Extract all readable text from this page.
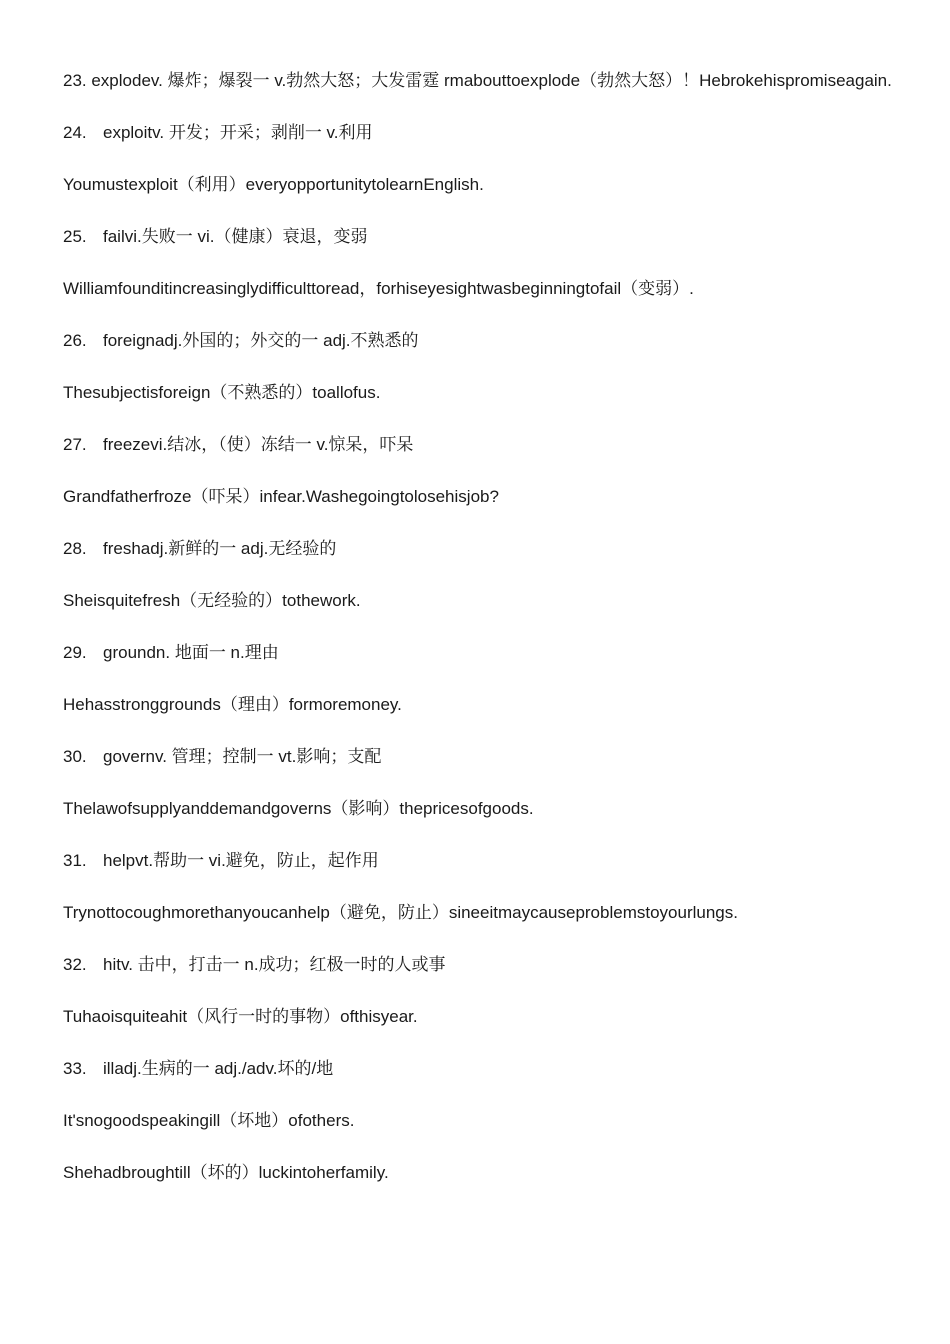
23. explodev. 爆炸；爆裂一 v.勃然大怒；大发雷霆 rmabouttoexplode（勃然大怒）！Hebrokehispromiseagain.

24. exploitv. 开发；开采；剥削一 v.利用

Youmustexploit（利用）everyopportunitytolearnEnglish.

25. failvi.失败一 vi.（健康）衰退，变弱

Williamfounditincreasinglydifficulttoread，forhiseyesightwasbeginningtofail（变弱）.

26. foreignadj.外国的；外交的一 adj.不熟悉的

Thesubjectisforeign（不熟悉的）toallofus.

27. freezevi.结冰，（使）冻结一 v.惊呆，吓呆

Grandfatherfroze（吓呆）infear.Washegoingtolosehisjob?

28. freshadj.新鲜的一 adj.无经验的

Sheisquitefresh（无经验的）tothework.

29. groundn. 地面一 n.理由

Hehasstronggrounds（理由）formoremoney.

30. governv. 管理；控制一 vt.影响；支配

Thelawofsupplyanddemandgoverns（影响）thepricesofgoods.

31. helpvt.帮助一 vi.避免，防止，起作用

Trynottocoughmorethanyoucanhelp（避免，防止）sineeitmaycauseproblemstoyourlungs.

32. hitv. 击中，打击一 n.成功；红极一时的人或事

Tuhaoisquiteahit（风行一时的事物）ofthisyear.

33. illadj.生病的一 adj./adv.坏的/地

It'snogoodspeakingill（坏地）ofothers.

Shehadbroughtill（坏的）luckintoherfamily.
